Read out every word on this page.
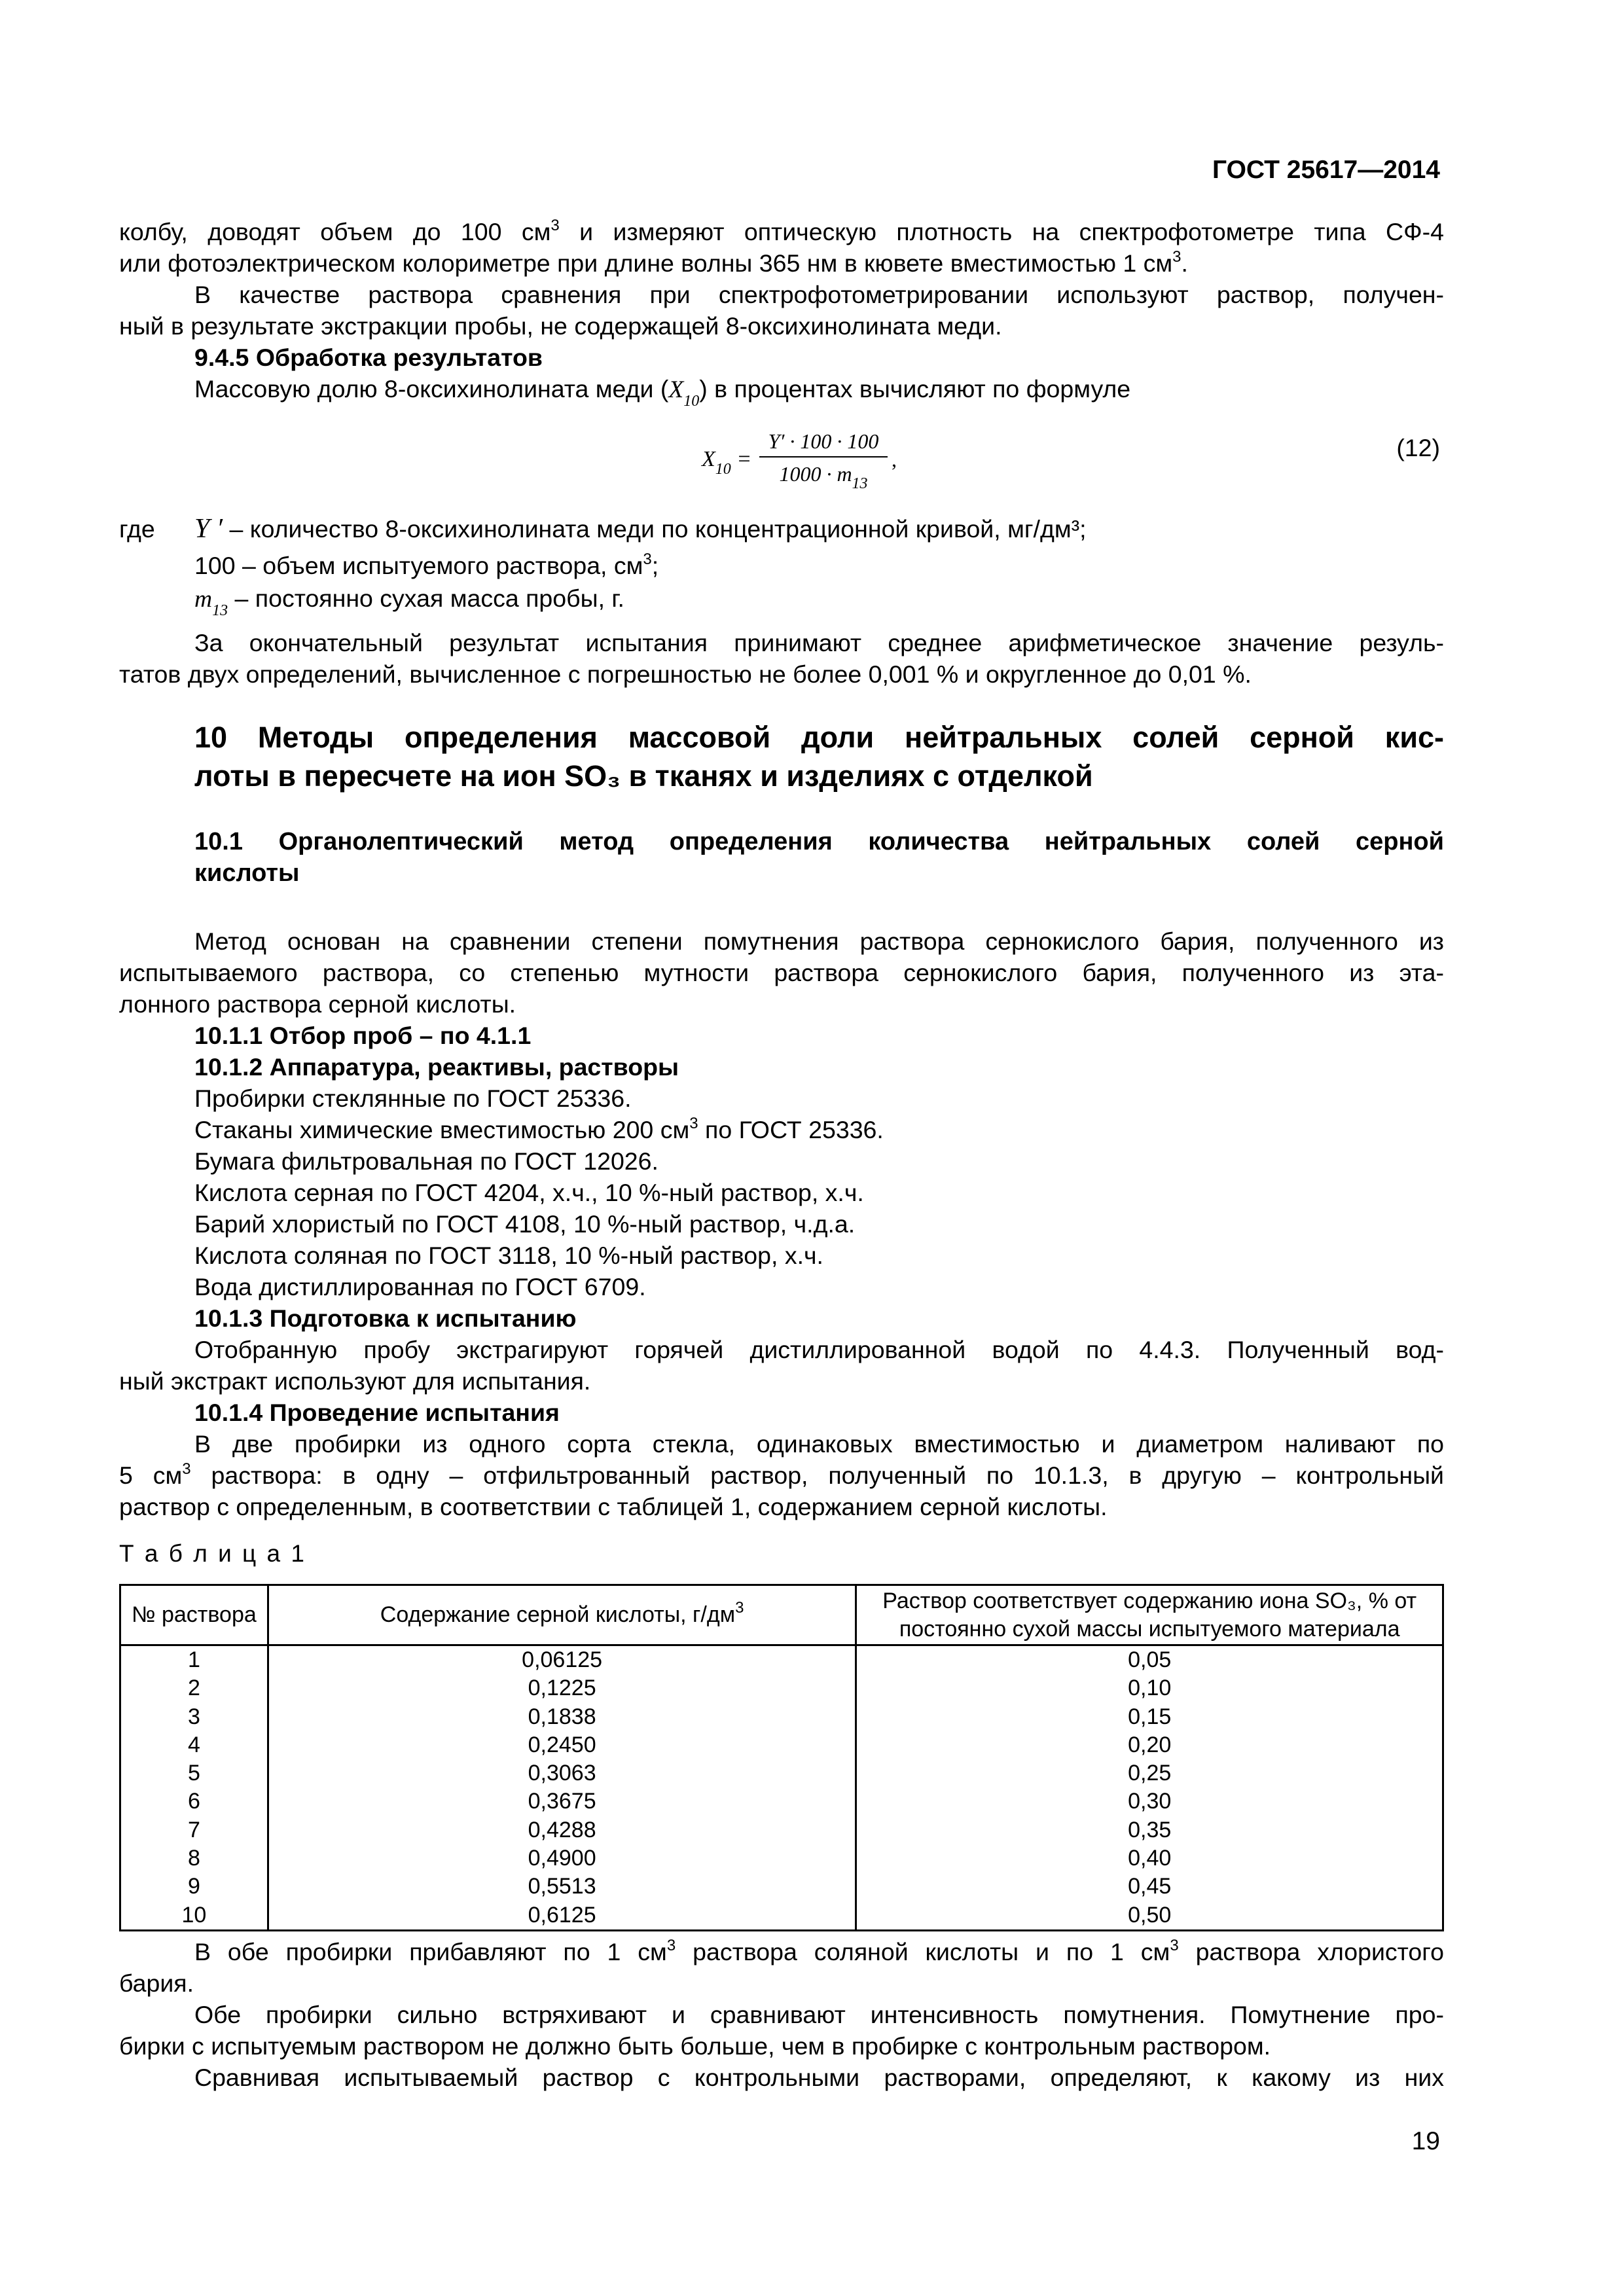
ГОСТ 25617—2014
колбу, доводят объем до 100 $см^3$ и измеряют оптическую плотность на спектрофотометре типа СФ-4
или фотоэлектрическом колориметре при длине волны 365 нм в кювете вместимостью 1 $см^3$.
В качестве раствора сравнения при спектрофотометрировании используют раствор, получен-
ный в результате экстракции пробы, не содержащей 8-оксихинолината меди.
9.4.5 Обработка результатов
Массовую долю 8-оксихинолината меди $(X_{10})$ в процентах вычисляют по формуле
$X_{10}$ =
Y′ · 100 · 100
$1000 \cdot m_{13}$
,	(12)
где Y ′ – количество 8-оксихинолината меди по концентрационной кривой, мг/дм³;
100 – объем испытуемого раствора, $см^3$;
$m_{13}$ – постоянно сухая масса пробы, г.
За окончательный результат испытания принимают среднее арифметическое значение резуль-
татов двух определений, вычисленное с погрешностью не более 0,001 % и округленное до 0,01 %.
10 Методы определения массовой доли нейтральных солей серной кис-
лоты в пересчете на ион SO₃ в тканях и изделиях с отделкой
10.1 Органолептический метод определения количества нейтральных солей серной
кислоты
Метод основан на сравнении степени помутнения раствора сернокислого бария, полученного из
испытываемого раствора, со степенью мутности раствора сернокислого бария, полученного из эта-
лонного раствора серной кислоты.
10.1.1 Отбор проб – по 4.1.1
10.1.2 Аппаратура, реактивы, растворы
Пробирки стеклянные по ГОСТ 25336.
Стаканы химические вместимостью 200 $см^3$ по ГОСТ 25336.
Бумага фильтровальная по ГОСТ 12026.
Кислота серная по ГОСТ 4204, х.ч., 10 %-ный раствор, х.ч.
Барий хлористый по ГОСТ 4108, 10 %-ный раствор, ч.д.а.
Кислота соляная по ГОСТ 3118, 10 %-ный раствор, х.ч.
Вода дистиллированная по ГОСТ 6709.
10.1.3 Подготовка к испытанию
Отобранную пробу экстрагируют горячей дистиллированной водой по 4.4.3. Полученный вод-
ный экстракт используют для испытания.
10.1.4 Проведение испытания
В две пробирки из одного сорта стекла, одинаковых вместимостью и диаметром наливают по
5 $см^3$ раствора: в одну – отфильтрованный раствор, полученный по 10.1.3, в другую – контрольный
раствор с определенным, в соответствии с таблицей 1, содержанием серной кислоты.
Т а б л и ц а 1
№ раствора	Содержание серной кислоты, $г/дм^3$	Раствор соответствует содержанию иона SO₃, % от
постоянно сухой массы испытуемого материала
1	0,06125	0,05
2	0,1225	0,10
3	0,1838	0,15
4	0,2450	0,20
5	0,3063	0,25
6	0,3675	0,30
7	0,4288	0,35
8	0,4900	0,40
9	0,5513	0,45
10	0,6125	0,50
В обе пробирки прибавляют по 1 $см^3$ раствора соляной кислоты и по 1 $см^3$ раствора хлористого
бария.
Обе пробирки сильно встряхивают и сравнивают интенсивность помутнения. Помутнение про-
бирки с испытуемым раствором не должно быть больше, чем в пробирке с контрольным раствором.
Сравнивая испытываемый раствор с контрольными растворами, определяют, к какому из них
19
